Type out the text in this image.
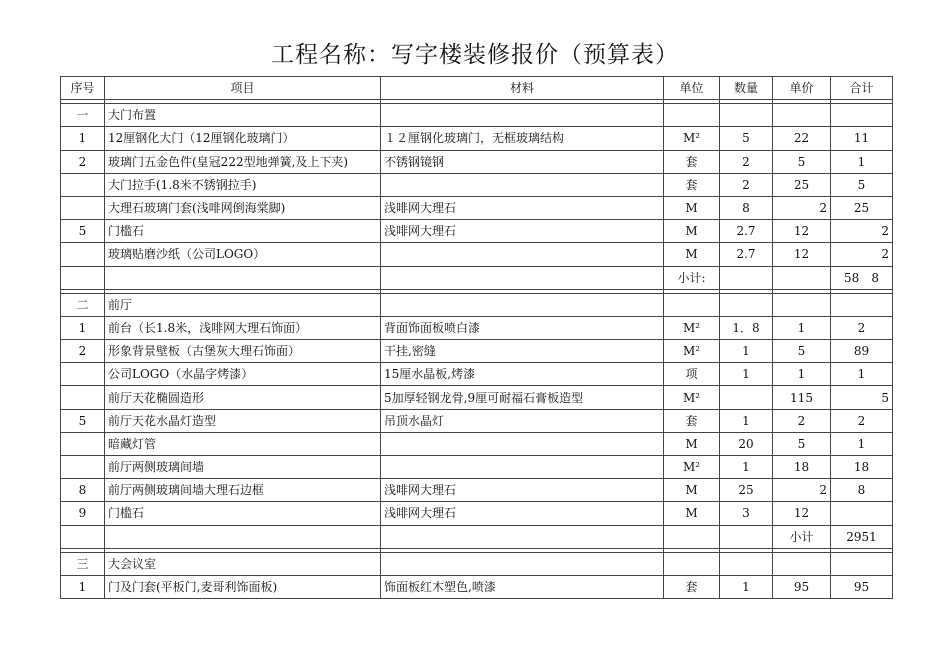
工程名称：写字楼装修报价（预算表）
序号	项目	材料	单位	数量	单价	合计

一	大门布置					
1	12厘钢化大门（12厘钢化玻璃门）	１２厘钢化玻璃门，无框玻璃结构	M²	5	22	11
2	玻璃门五金色件(皇冠222型地弹簧,及上下夹)	不锈钢镜钢	套	2	5	1
	大门拉手(1.8米不锈钢拉手)		套	2	25	5
	大理石玻璃门套(浅啡网倒海棠脚)	浅啡网大理石	M	8	2	25
5	门槛石	浅啡网大理石	M	2.7	12	2
	玻璃贴磨沙纸（公司LOGO）		M	2.7	12	2
			小计:			58　8

二	前厅					
1	前台（长1.8米，浅啡网大理石饰面）	背面饰面板喷白漆	M²	1．8	1	2
2	形象背景壁板（古堡灰大理石饰面）	干挂,密缝	M²	1	5	89
	公司LOGO（水晶字烤漆）	15厘水晶板,烤漆	项	1	1	1
	前厅天花椭圆造形	5加厚轻钢龙骨,9厘可耐福石膏板造型	M²		115	5
5	前厅天花水晶灯造型	吊顶水晶灯	套	1	2	2
	暗藏灯管		M	20	5	1
	前厅两侧玻璃间墙		M²	1	18	18
8	前厅两侧玻璃间墙大理石边框	浅啡网大理石	M	25	2	8
9	门槛石	浅啡网大理石	M	3	12	
					小计	2951

三	大会议室					
1	门及门套(平板门,麦哥利饰面板)	饰面板红木塑色,喷漆	套	1	95	95
